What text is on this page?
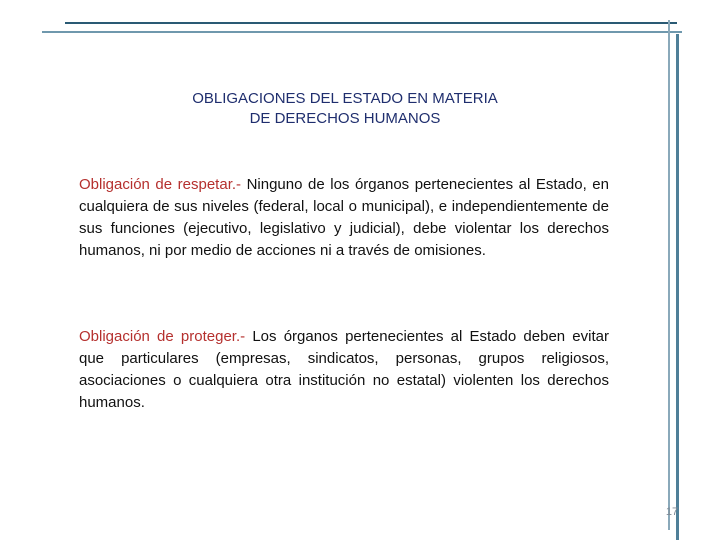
OBLIGACIONES DEL ESTADO EN MATERIA
DE DERECHOS HUMANOS

Obligación de respetar.- Ninguno de los órganos pertenecientes al Estado, en cualquiera de sus niveles (federal, local o municipal), e independientemente de sus funciones (ejecutivo, legislativo y judicial), debe violentar los derechos humanos, ni por medio de acciones ni a través de omisiones.

Obligación de proteger.- Los órganos pertenecientes al Estado deben evitar que particulares (empresas, sindicatos, personas, grupos religiosos, asociaciones o cualquiera otra institución no estatal) violenten los derechos humanos.

17
